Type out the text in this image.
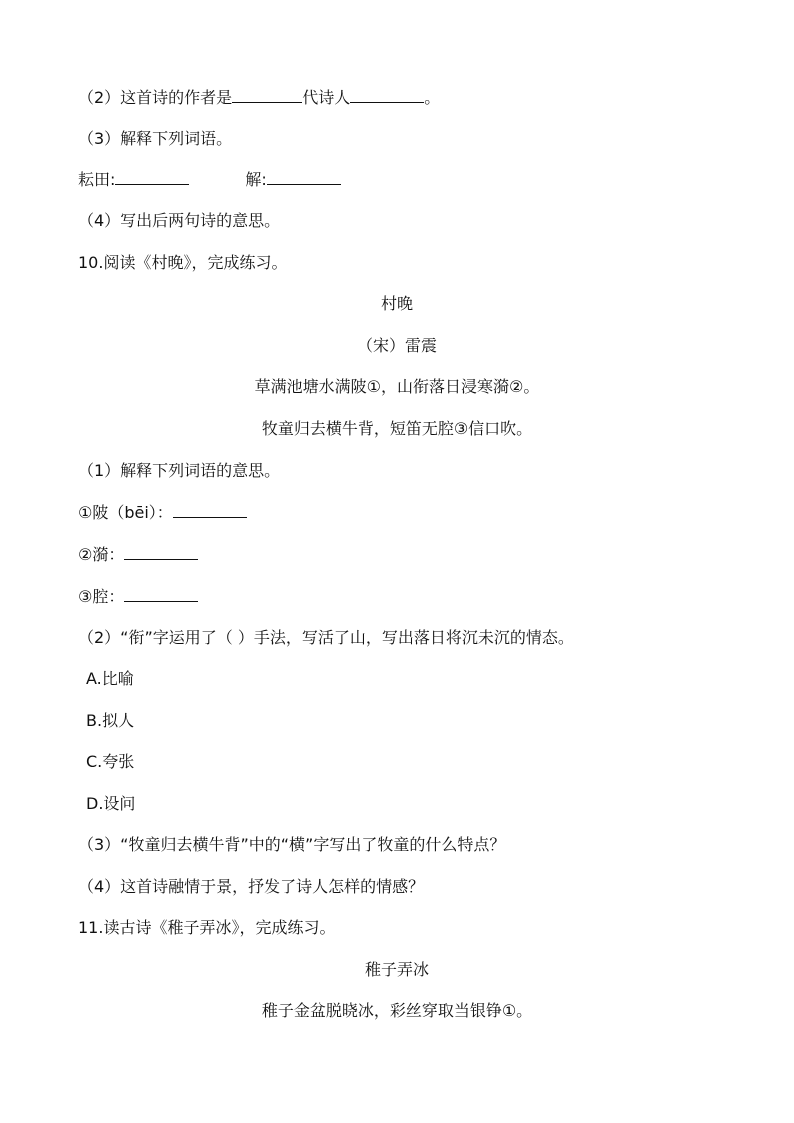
（2）这首诗的作者是	代诗人	。
（3）解释下列词语。
耘田:	解:
（4）写出后两句诗的意思。
10.阅读《村晚》，完成练习。
村晚
（宋）雷震
草满池塘水满陂①，山衔落日浸寒漪②。
牧童归去横牛背，短笛无腔③信口吹。
（1）解释下列词语的意思。
①陂（bēi）：
②漪：
③腔：
（2）“衔”字运用了（ ）手法，写活了山，写出落日将沉未沉的情态。
A.比喻
B.拟人
C.夸张
D.设问
（3）“牧童归去横牛背”中的“横”字写出了牧童的什么特点？
（4）这首诗融情于景，抒发了诗人怎样的情感？
11.读古诗《稚子弄冰》，完成练习。
稚子弄冰
稚子金盆脱晓冰，彩丝穿取当银铮①。
